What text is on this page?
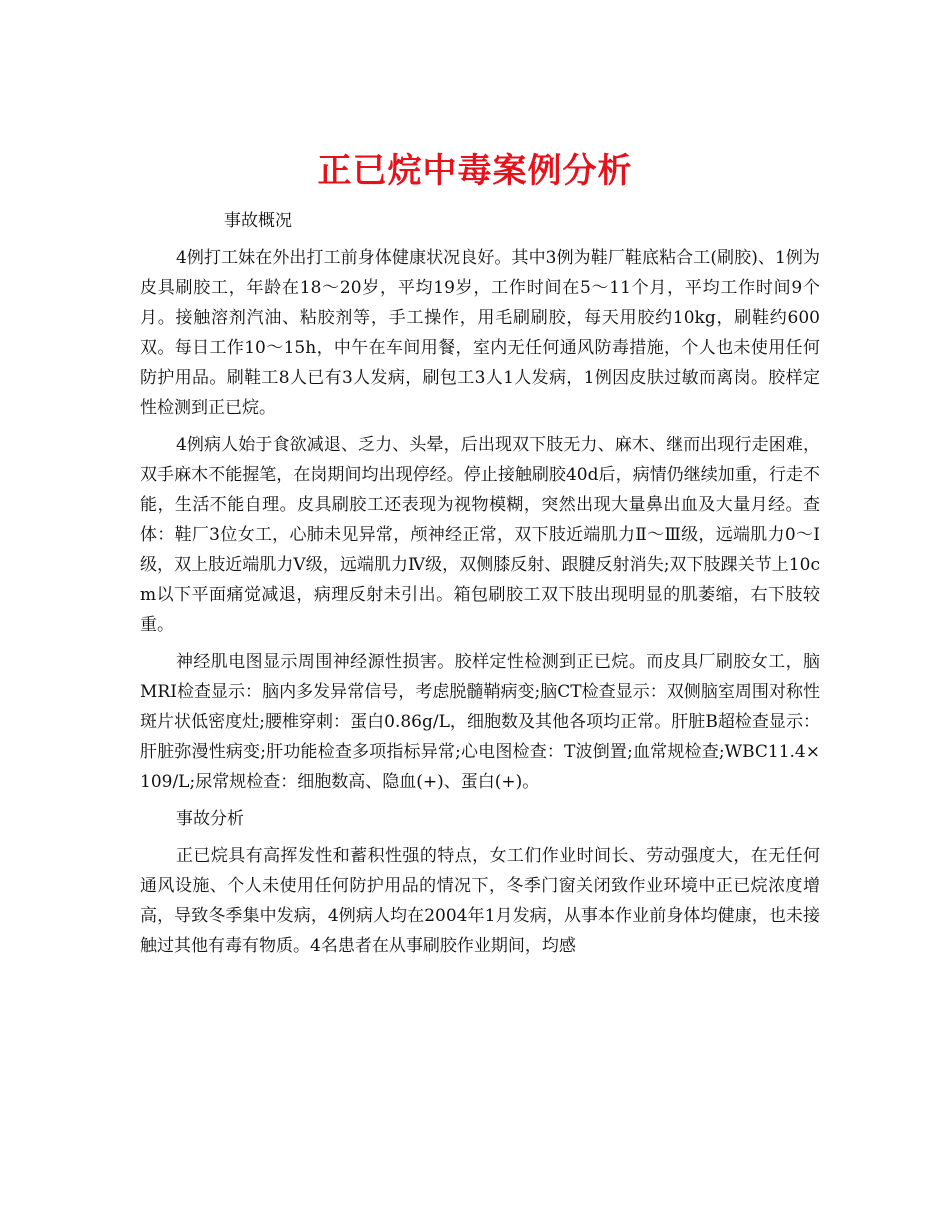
正已烷中毒案例分析

事故概况

4例打工妹在外出打工前身体健康状况良好。其中3例为鞋厂鞋底粘合工(刷胶)、1例为皮具刷胶工，年龄在18～20岁，平均19岁，工作时间在5～11个月，平均工作时间9个月。接触溶剂汽油、粘胶剂等，手工操作，用毛刷刷胶，每天用胶约10kg，刷鞋约600双。每日工作10～15h，中午在车间用餐，室内无任何通风防毒措施，个人也未使用任何防护用品。刷鞋工8人已有3人发病，刷包工3人1人发病，1例因皮肤过敏而离岗。胶样定性检测到正已烷。

4例病人始于食欲减退、乏力、头晕，后出现双下肢无力、麻木、继而出现行走困难，双手麻木不能握笔，在岗期间均出现停经。停止接触刷胶40d后，病情仍继续加重，行走不能，生活不能自理。皮具刷胶工还表现为视物模糊，突然出现大量鼻出血及大量月经。查体：鞋厂3位女工，心肺未见异常，颅神经正常，双下肢近端肌力Ⅱ～Ⅲ级，远端肌力0～Ⅰ级，双上肢近端肌力Ⅴ级，远端肌力Ⅳ级，双侧膝反射、跟腱反射消失;双下肢踝关节上10cm以下平面痛觉减退，病理反射未引出。箱包刷胶工双下肢出现明显的肌萎缩，右下肢较重。

神经肌电图显示周围神经源性损害。胶样定性检测到正已烷。而皮具厂刷胶女工，脑MRI检查显示：脑内多发异常信号，考虑脱髓鞘病变;脑CT检查显示：双侧脑室周围对称性斑片状低密度灶;腰椎穿刺：蛋白0.86g/L，细胞数及其他各项均正常。肝脏B超检查显示：肝脏弥漫性病变;肝功能检查多项指标异常;心电图检查：T波倒置;血常规检查;WBC11.4×109/L;尿常规检查：细胞数高、隐血(+)、蛋白(+)。

事故分析

正已烷具有高挥发性和蓄积性强的特点，女工们作业时间长、劳动强度大，在无任何通风设施、个人未使用任何防护用品的情况下，冬季门窗关闭致作业环境中正已烷浓度增高，导致冬季集中发病，4例病人均在2004年1月发病，从事本作业前身体均健康，也未接触过其他有毒有物质。4名患者在从事刷胶作业期间，均感
